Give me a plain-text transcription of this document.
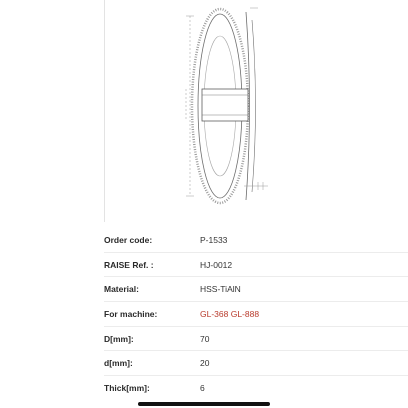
Order code:	P-1533
RAISE Ref. :	HJ-0012
Material:	HSS-TiAlN
For machine:	GL-368 GL-888
D[mm]:	70
d[mm]:	20
Thick[mm]:	6
